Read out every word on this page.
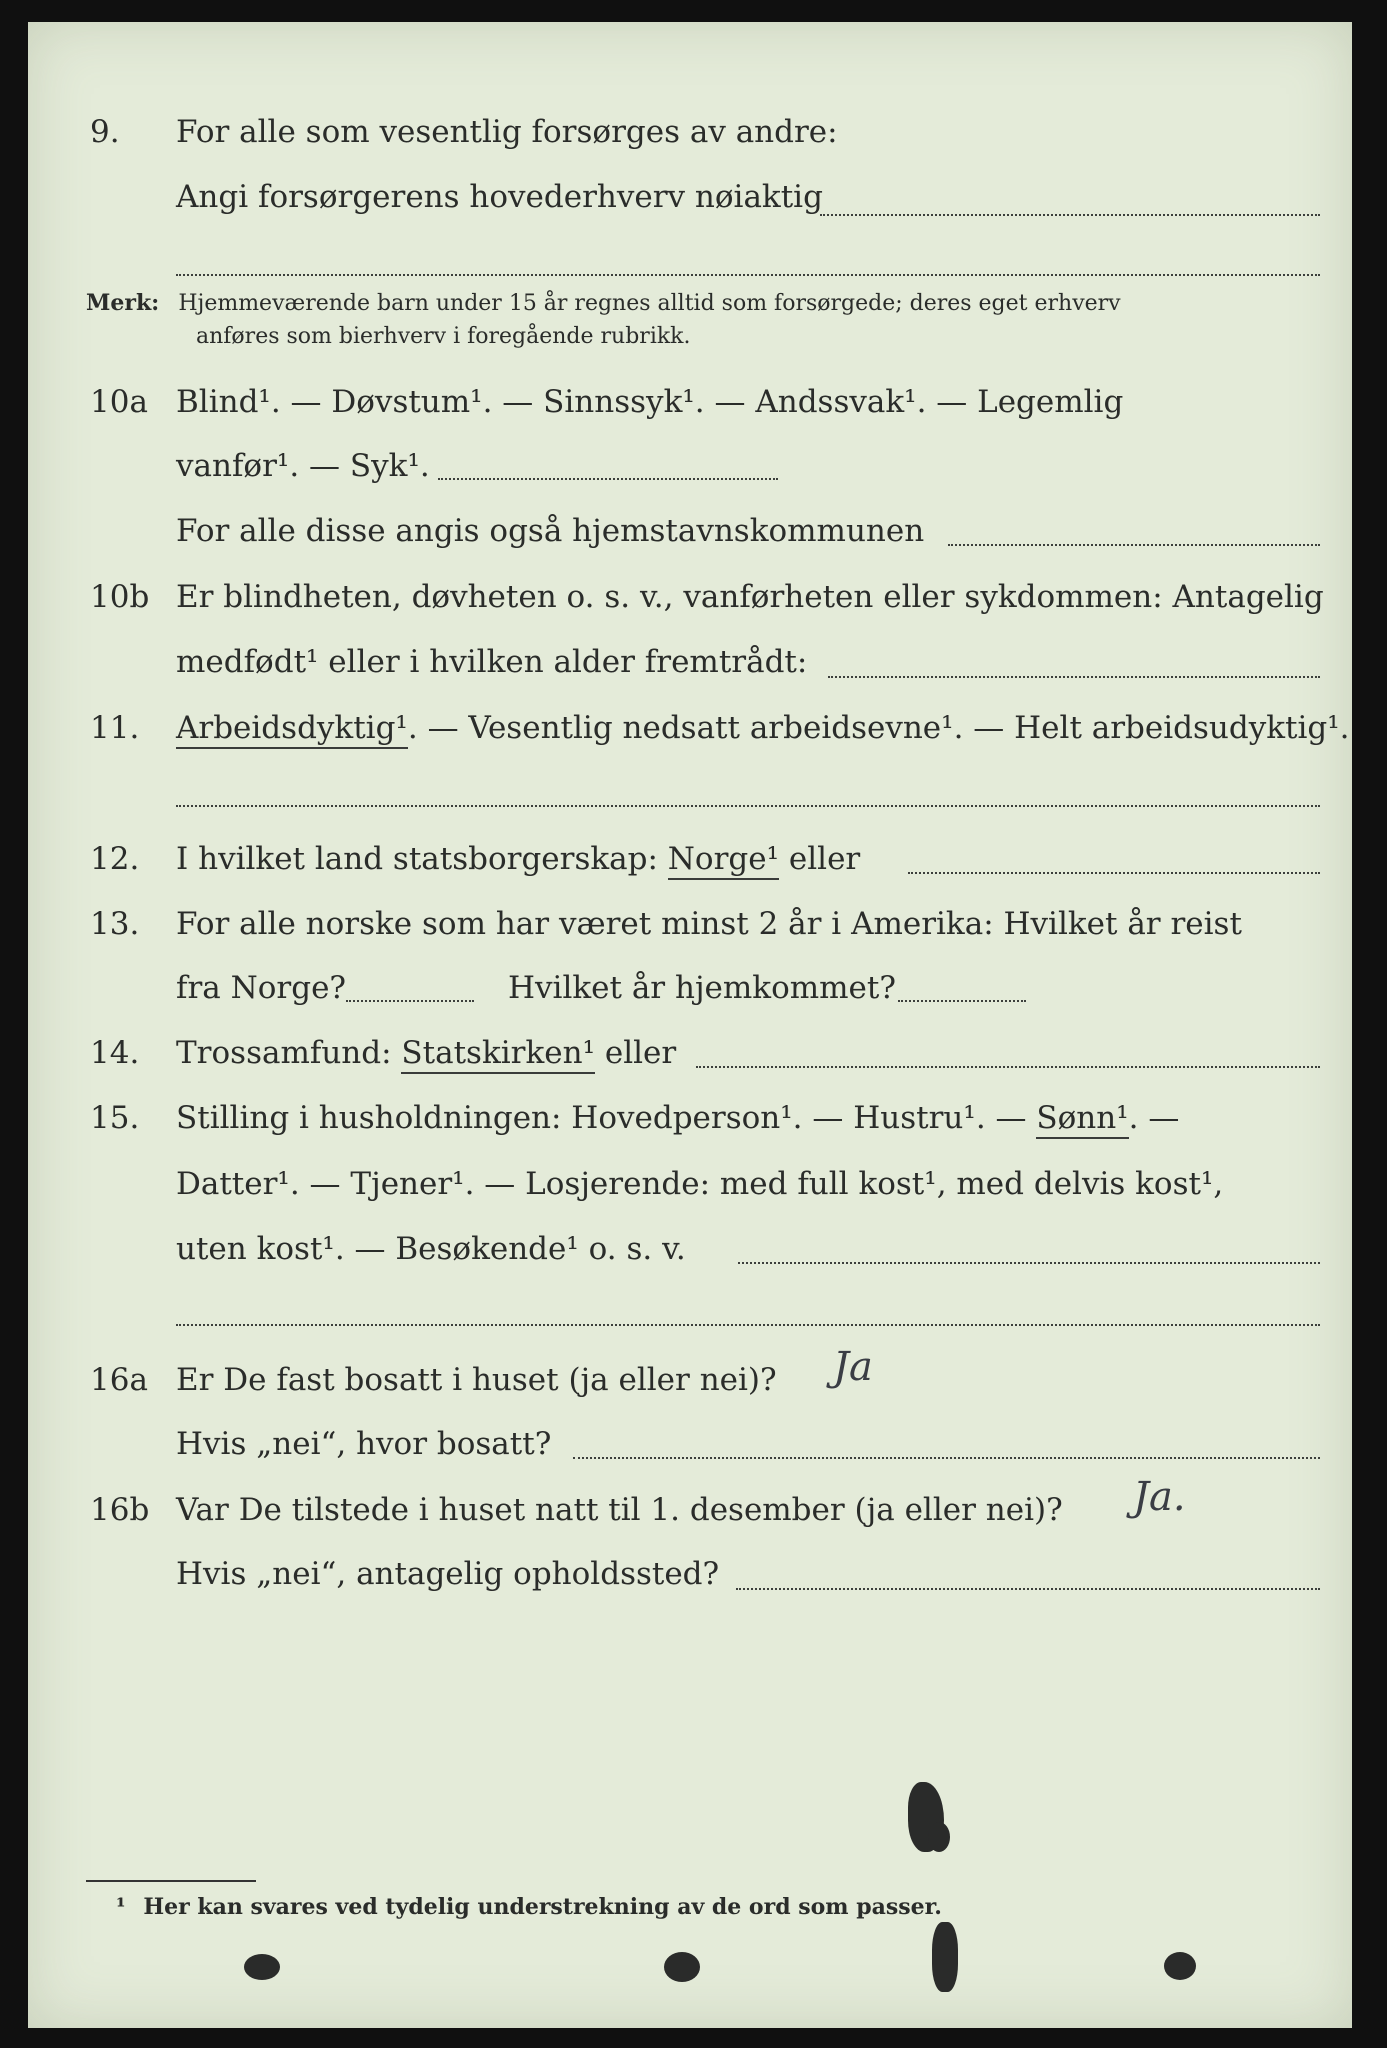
9. For alle som vesentlig forsørges av andre:
Angi forsørgerens hovederhverv nøiaktig
Merk: Hjemmeværende barn under 15 år regnes alltid som forsørgede; deres eget erhverv
anføres som bierhverv i foregående rubrikk.
10a Blind¹. — Døvstum¹. — Sinnssyk¹. — Andssvak¹. — Legemlig
vanfør¹. — Syk¹.
For alle disse angis også hjemstavnskommunen
10b Er blindheten, døvheten o. s. v., vanførheten eller sykdommen: Antagelig
medfødt¹ eller i hvilken alder fremtrådt:
11. Arbeidsdyktig¹. — Vesentlig nedsatt arbeidsevne¹. — Helt arbeidsudyktig¹.
12. I hvilket land statsborgerskap: Norge¹ eller
13. For alle norske som har været minst 2 år i Amerika: Hvilket år reist
fra Norge?	Hvilket år hjemkommet?
14. Trossamfund: Statskirken¹ eller
15. Stilling i husholdningen: Hovedperson¹. — Hustru¹. — Sønn¹. —
Datter¹. — Tjener¹. — Losjerende: med full kost¹, med delvis kost¹,
uten kost¹. — Besøkende¹ o. s. v.
16a Er De fast bosatt i huset (ja eller nei)? Ja
Hvis „nei“, hvor bosatt?
16b Var De tilstede i huset natt til 1. desember (ja eller nei)? Ja.
Hvis „nei“, antagelig opholdssted?
¹ Her kan svares ved tydelig understrekning av de ord som passer.
